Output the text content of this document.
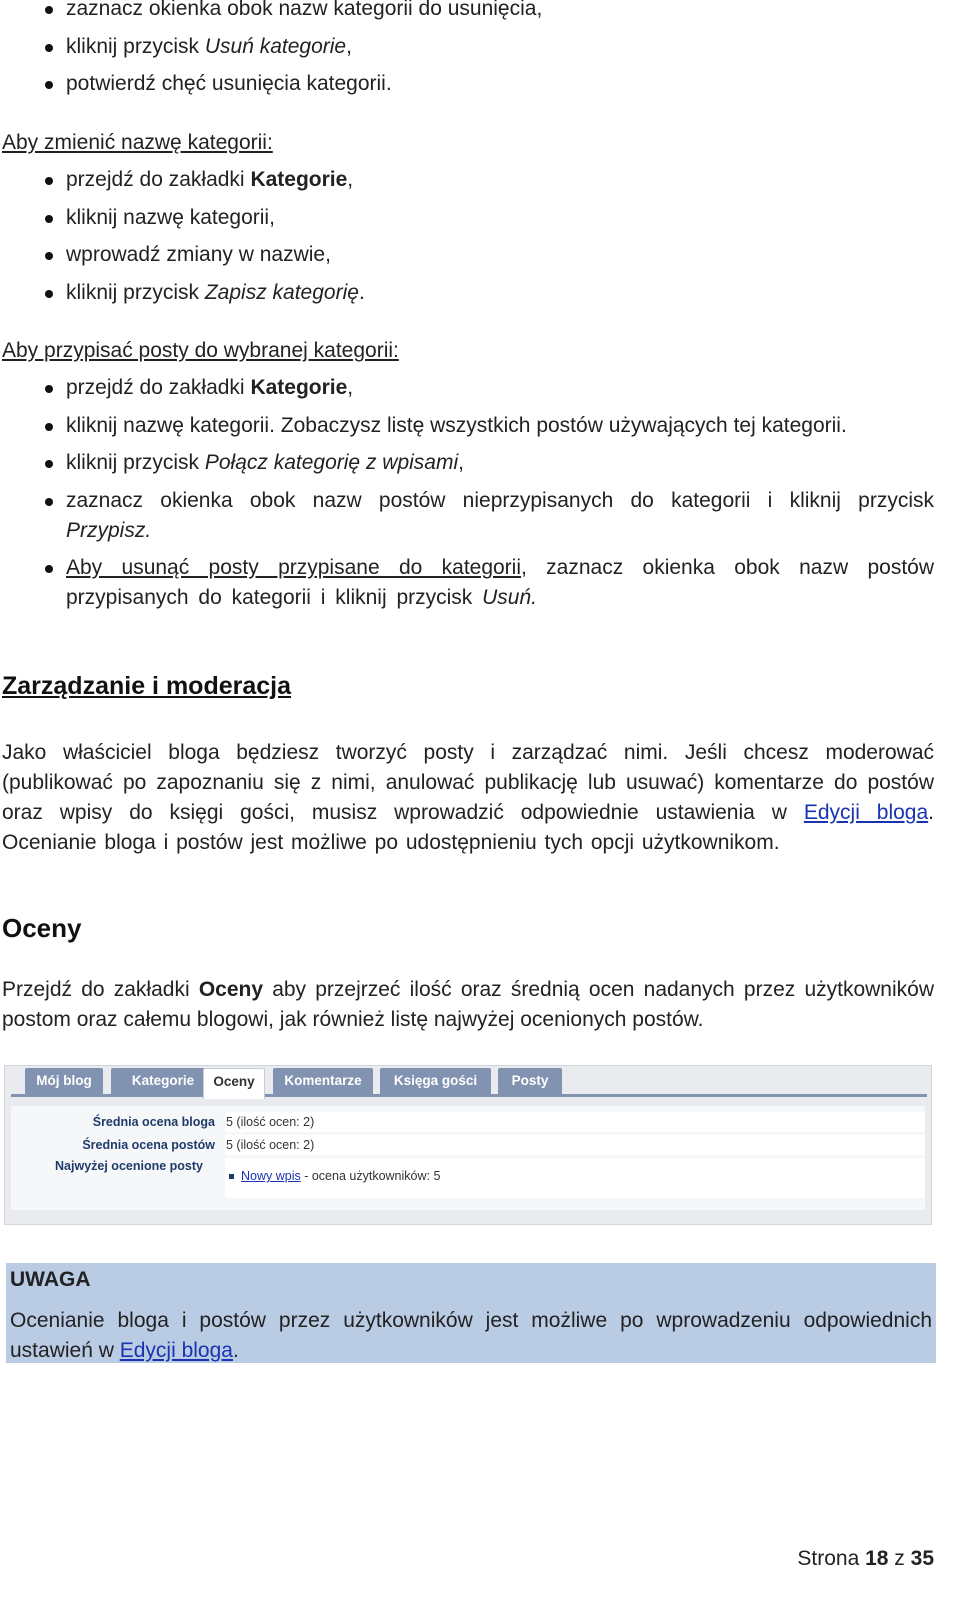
zaznacz okienka obok nazw kategorii do usunięcia,
kliknij przycisk Usuń kategorie,
potwierdź chęć usunięcia kategorii.
Aby zmienić nazwę kategorii:
przejdź do zakładki Kategorie,
kliknij nazwę kategorii,
wprowadź zmiany w nazwie,
kliknij przycisk Zapisz kategorię.
Aby przypisać posty do wybranej kategorii:
przejdź do zakładki Kategorie,
kliknij nazwę kategorii. Zobaczysz listę wszystkich postów używających tej kategorii.
kliknij przycisk Połącz kategorię z wpisami,
zaznacz okienka obok nazw postów nieprzypisanych do kategorii i kliknij przycisk Przypisz.
Aby usunąć posty przypisane do kategorii, zaznacz okienka obok nazw postów przypisanych do kategorii i kliknij przycisk Usuń.
Zarządzanie i moderacja
Jako właściciel bloga będziesz tworzyć posty i zarządzać nimi. Jeśli chcesz moderować (publikować po zapoznaniu się z nimi, anulować publikację lub usuwać) komentarze do postów oraz wpisy do księgi gości, musisz wprowadzić odpowiednie ustawienia w Edycji bloga. Ocenianie bloga i postów jest możliwe po udostępnieniu tych opcji użytkownikom.
Oceny
Przejdź do zakładki Oceny aby przejrzeć ilość oraz średnią ocen nadanych przez użytkowników postom oraz całemu blogowi, jak również listę najwyżej ocenionych postów.
Mój blog	Kategorie	Oceny	Komentarze	Księga gości	Posty
Średnia ocena bloga 5 (ilość ocen: 2)
Średnia ocena postów 5 (ilość ocen: 2)
Najwyżej ocenione posty
Nowy wpis - ocena użytkowników: 5
UWAGA
Ocenianie bloga i postów przez użytkowników jest możliwe po wprowadzeniu odpowiednich ustawień w Edycji bloga.
Strona 18 z 35
